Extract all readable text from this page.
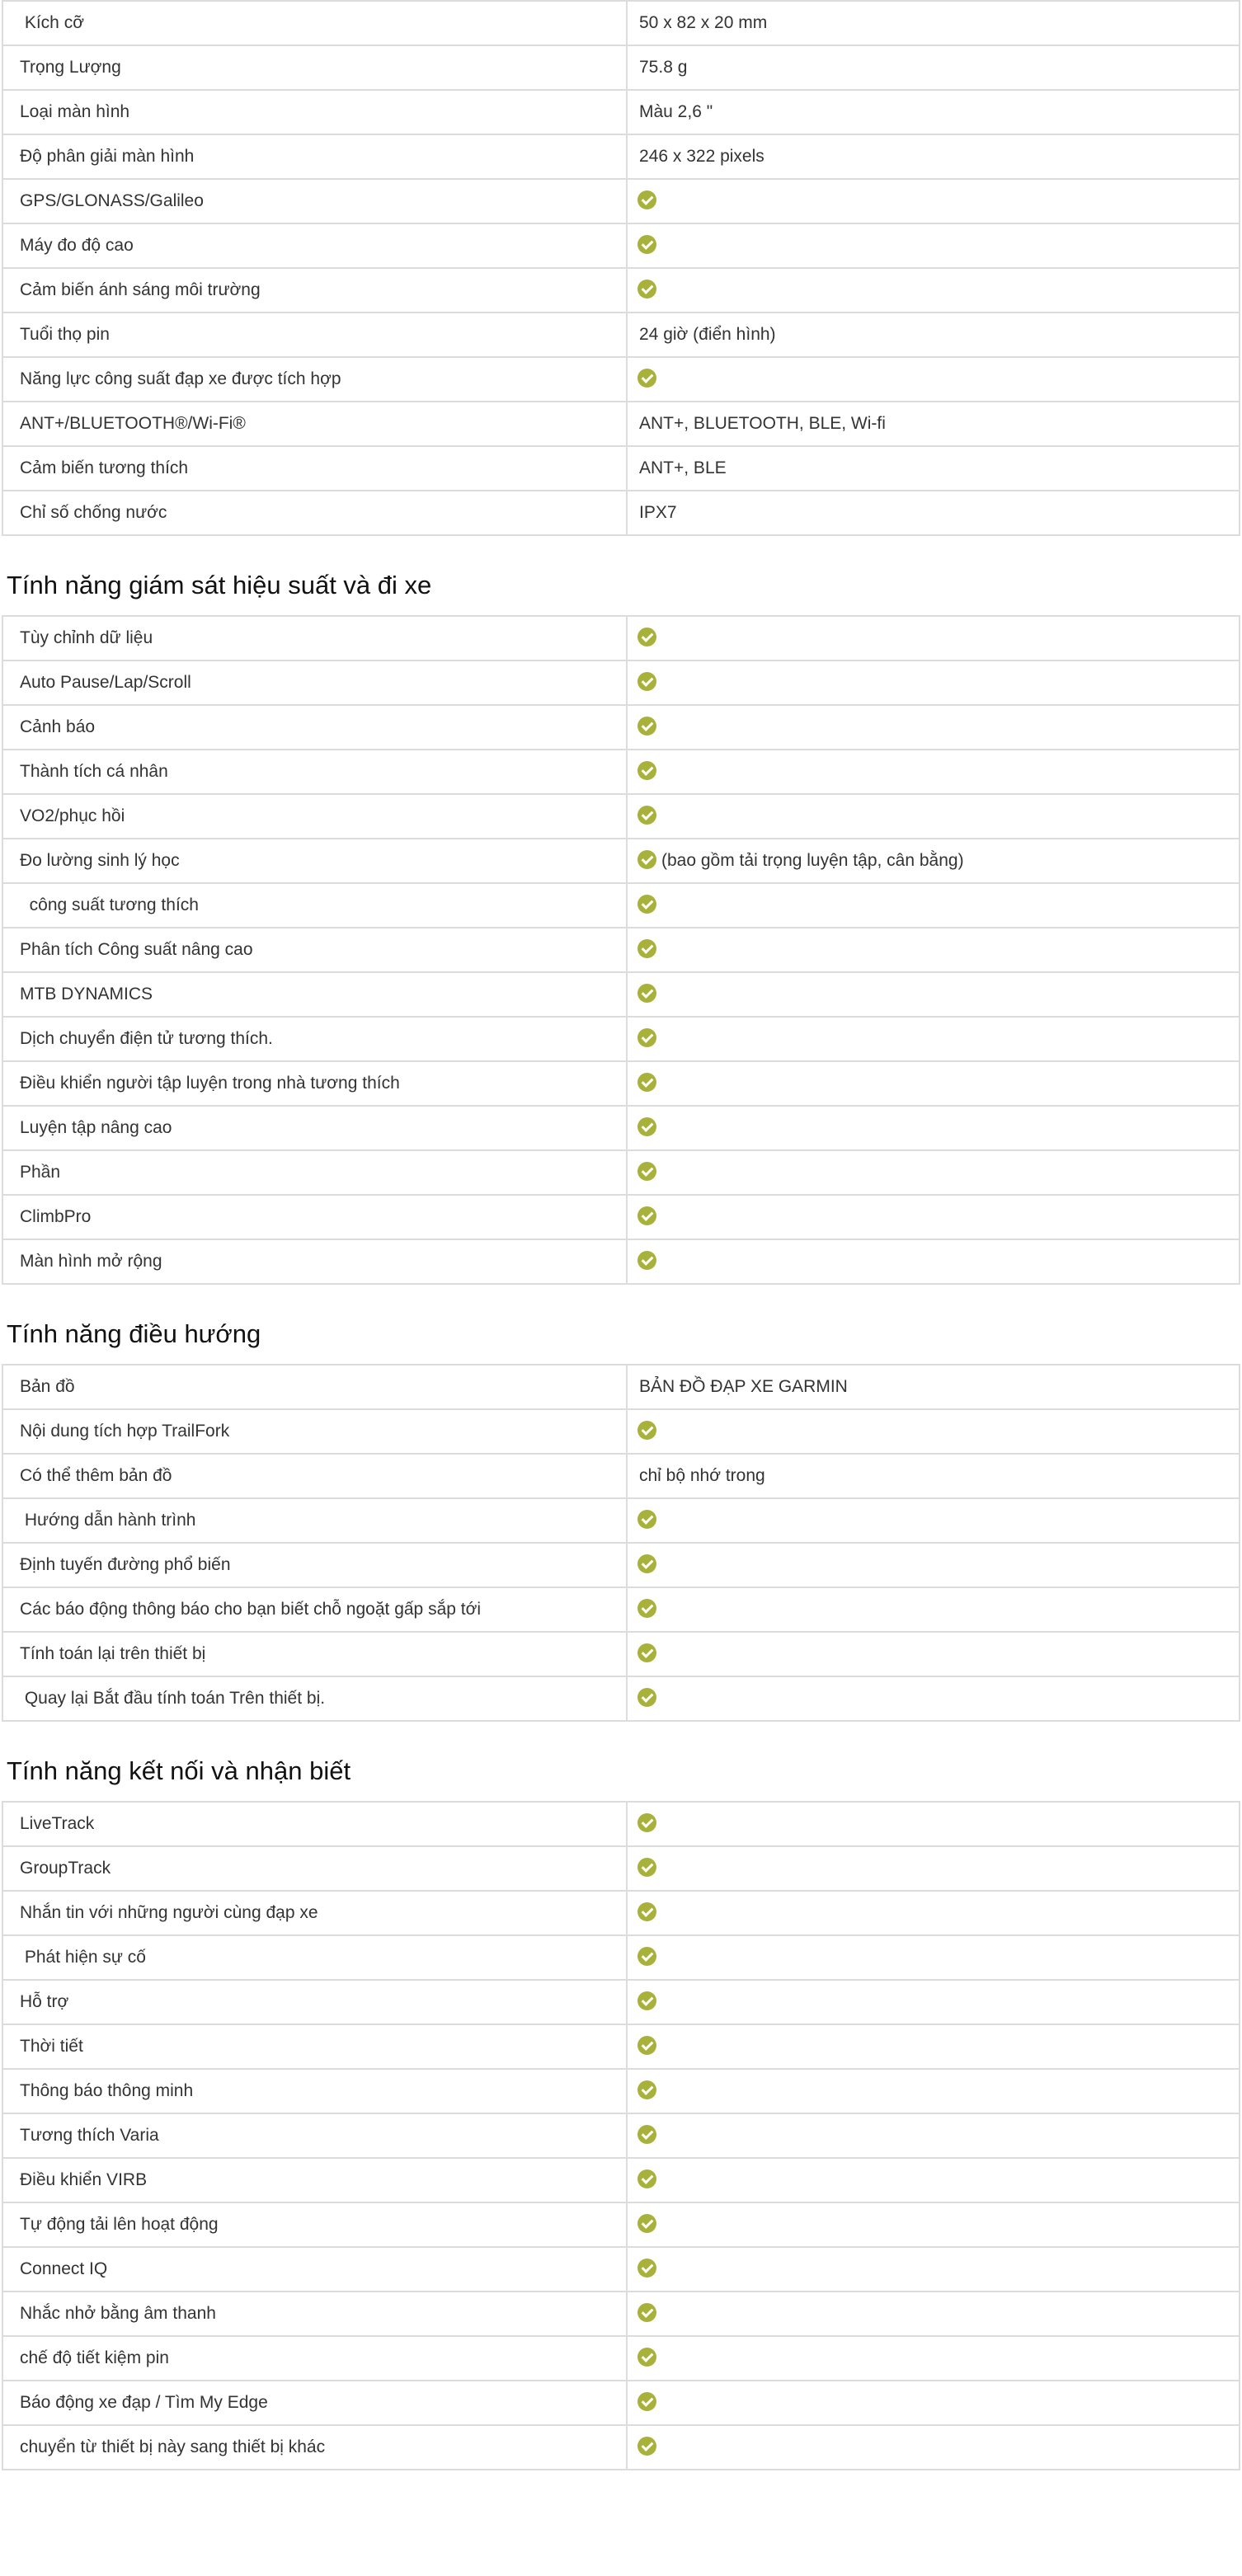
Kích cỡ	50 x 82 x 20 mm
Trọng Lượng	75.8 g
Loại màn hình	Màu 2,6 "
Độ phân giải màn hình	246 x 322 pixels
GPS/GLONASS/Galileo	
Máy đo độ cao	
Cảm biến ánh sáng môi trường	
Tuổi thọ pin	24 giờ (điển hình)
Năng lực công suất đạp xe được tích hợp	
ANT+/BLUETOOTH®/Wi-Fi®	ANT+, BLUETOOTH, BLE, Wi-fi
Cảm biến tương thích	ANT+, BLE
Chỉ số chống nước	IPX7
Tính năng giám sát hiệu suất và đi xe
Tùy chỉnh dữ liệu	
Auto Pause/Lap/Scroll	
Cảnh báo	
Thành tích cá nhân	
VO2/phục hồi	
Đo lường sinh lý học	(bao gồm tải trọng luyện tập, cân bằng)
công suất tương thích	
Phân tích Công suất nâng cao	
MTB DYNAMICS	
Dịch chuyển điện tử tương thích.	
Điều khiển người tập luyện trong nhà tương thích	
Luyện tập nâng cao	
Phần	
ClimbPro	
Màn hình mở rộng	
Tính năng điều hướng
Bản đồ	BẢN ĐỒ ĐẠP XE GARMIN
Nội dung tích hợp TrailFork	
Có thể thêm bản đồ	chỉ bộ nhớ trong
Hướng dẫn hành trình	
Định tuyến đường phổ biến	
Các báo động thông báo cho bạn biết chỗ ngoặt gấp sắp tới	
Tính toán lại trên thiết bị	
Quay lại Bắt đầu tính toán Trên thiết bị.	
Tính năng kết nối và nhận biết
LiveTrack	
GroupTrack	
Nhắn tin với những người cùng đạp xe	
Phát hiện sự cố	
Hỗ trợ	
Thời tiết	
Thông báo thông minh	
Tương thích Varia	
Điều khiển VIRB	
Tự động tải lên hoạt động	
Connect IQ	
Nhắc nhở bằng âm thanh	
chế độ tiết kiệm pin	
Báo động xe đạp / Tìm My Edge	
chuyển từ thiết bị này sang thiết bị khác	
